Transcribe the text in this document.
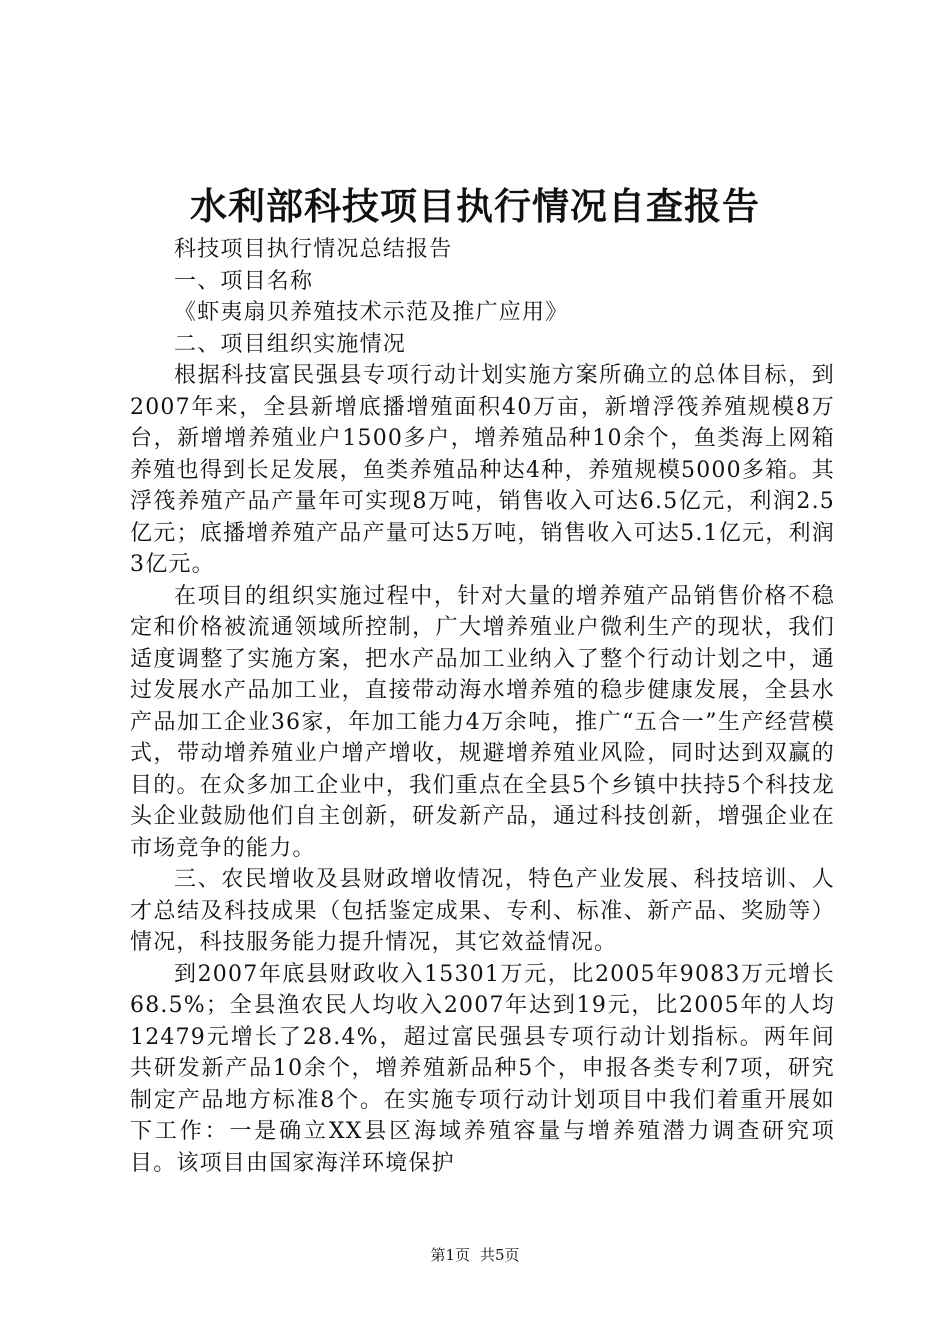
水利部科技项目执行情况自查报告

科技项目执行情况总结报告

一、项目名称

《虾夷扇贝养殖技术示范及推广应用》

二、项目组织实施情况

根据科技富民强县专项行动计划实施方案所确立的总体目标，到2007年来，全县新增底播增殖面积40万亩，新增浮筏养殖规模8万台，新增增养殖业户1500多户，增养殖品种10余个，鱼类海上网箱养殖也得到长足发展，鱼类养殖品种达4种，养殖规模5000多箱。其浮筏养殖产品产量年可实现8万吨，销售收入可达6.5亿元，利润2.5亿元；底播增养殖产品产量可达5万吨，销售收入可达5.1亿元，利润3亿元。

在项目的组织实施过程中，针对大量的增养殖产品销售价格不稳定和价格被流通领域所控制，广大增养殖业户微利生产的现状，我们适度调整了实施方案，把水产品加工业纳入了整个行动计划之中，通过发展水产品加工业，直接带动海水增养殖的稳步健康发展，全县水产品加工企业36家，年加工能力4万余吨，推广“五合一”生产经营模式，带动增养殖业户增产增收，规避增养殖业风险，同时达到双赢的目的。在众多加工企业中，我们重点在全县5个乡镇中扶持5个科技龙头企业鼓励他们自主创新，研发新产品，通过科技创新，增强企业在市场竞争的能力。

三、农民增收及县财政增收情况，特色产业发展、科技培训、人才总结及科技成果（包括鉴定成果、专利、标准、新产品、奖励等）情况，科技服务能力提升情况，其它效益情况。

到2007年底县财政收入15301万元，比2005年9083万元增长68.5%；全县渔农民人均收入2007年达到19元，比2005年的人均12479元增长了28.4%，超过富民强县专项行动计划指标。两年间共研发新产品10余个，增养殖新品种5个，申报各类专利7项，研究制定产品地方标准8个。在实施专项行动计划项目中我们着重开展如下工作：一是确立XX县区海域养殖容量与增养殖潜力调查研究项目。该项目由国家海洋环境保护

第1页 共5页
